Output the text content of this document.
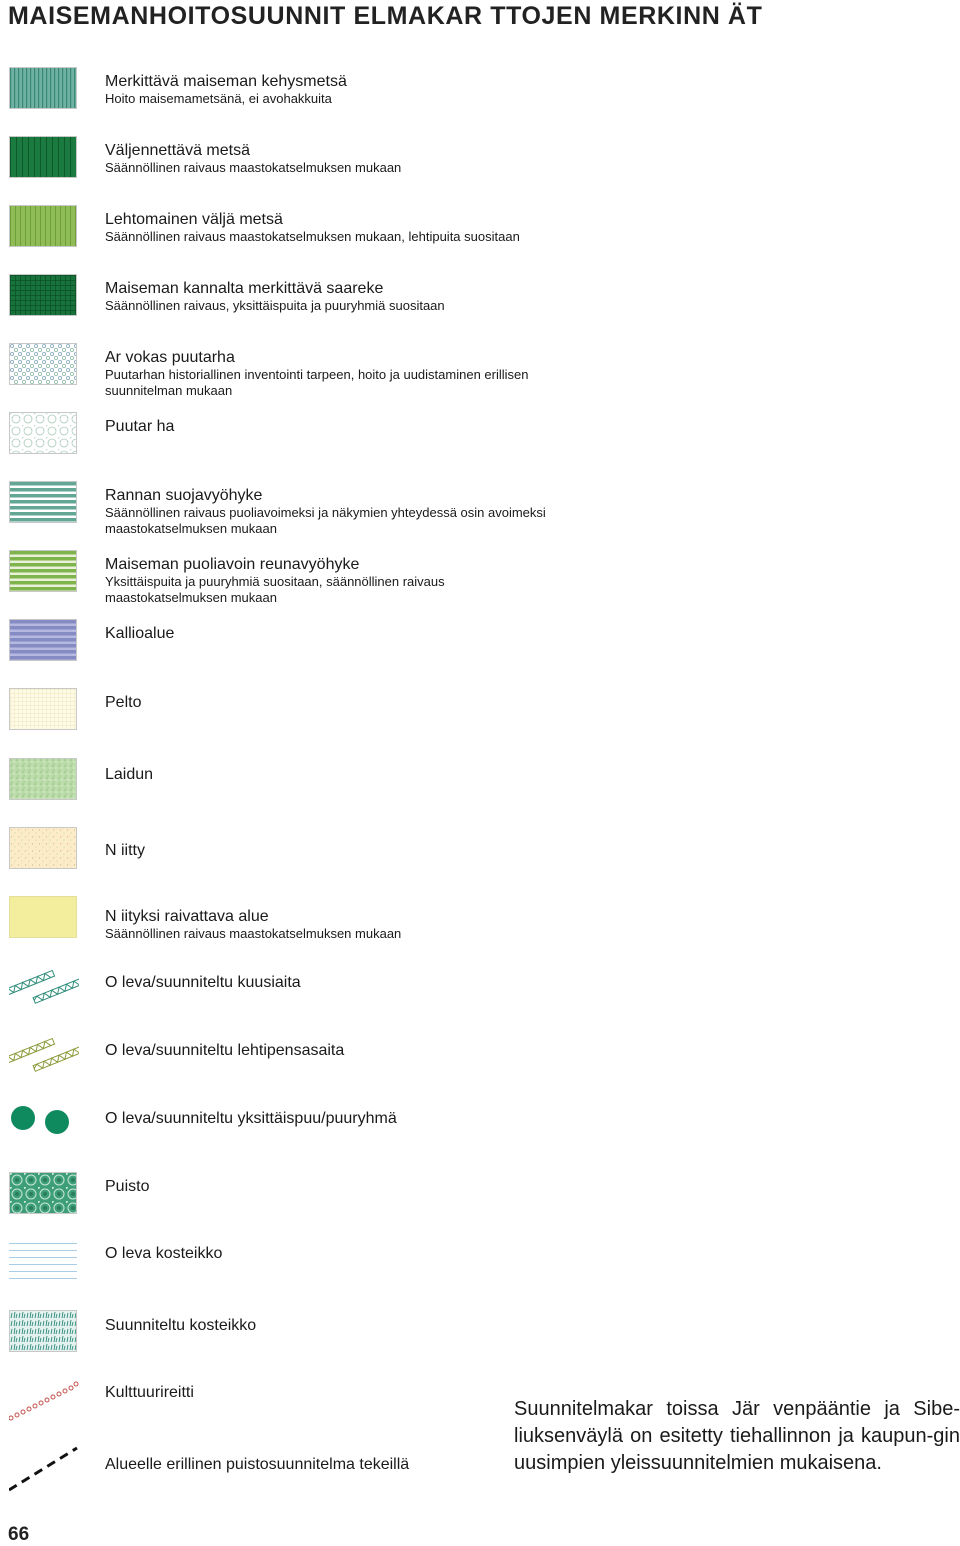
MAISEMANHOITOSUUNNIT ELMAKAR TTOJEN MERKINN ÄT
Merkittävä maiseman kehysmetsä
Hoito maisemametsänä, ei avohakkuita
Väljennettävä metsä
Säännöllinen raivaus maastokatselmuksen mukaan
Lehtomainen väljä metsä
Säännöllinen raivaus maastokatselmuksen mukaan, lehtipuita suositaan
Maiseman kannalta merkittävä saareke
Säännöllinen raivaus, yksittäispuita ja puuryhmiä suositaan
Ar vokas puutarha
Puutarhan historiallinen inventointi tarpeen, hoito ja uudistaminen erillisen suunnitelman mukaan
Puutar ha
Rannan suojavyöhyke
Säännöllinen raivaus puoliavoimeksi ja näkymien yhteydessä osin avoimeksi maastokatselmuksen mukaan
Maiseman puoliavoin reunavyöhyke
Yksittäispuita ja puuryhmiä suositaan, säännöllinen raivaus maastokatselmuksen mukaan
Kallioalue
Pelto
Laidun
N iitty
N iityksi raivattava alue
Säännöllinen raivaus maastokatselmuksen mukaan
O leva/suunniteltu kuusiaita
O leva/suunniteltu lehtipensasaita
O leva/suunniteltu yksittäispuu/puuryhmä
Puisto
O leva kosteikko
Suunniteltu kosteikko
Kulttuurireitti
Alueelle erillinen puistosuunnitelma tekeillä
Suunnitelmakar toissa Jär venpääntie ja Sibe-liuksenväylä on esitetty tiehallinnon ja kaupun-gin uusimpien yleissuunnitelmien mukaisena.
66
